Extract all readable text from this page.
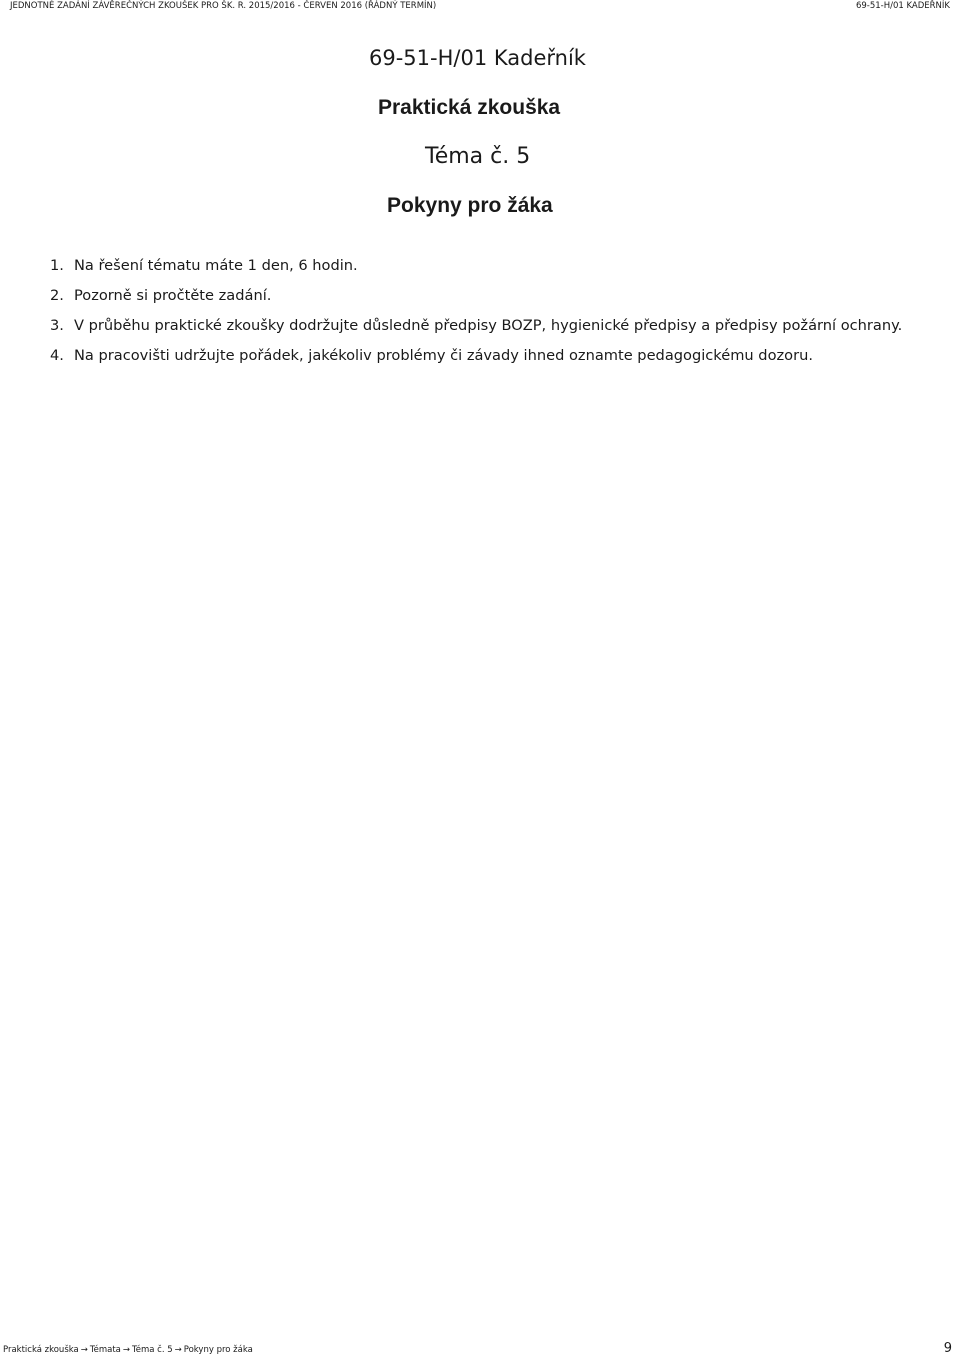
JEDNOTNÉ ZADÁNÍ ZÁVĚREČNÝCH ZKOUŠEK PRO ŠK. R. 2015/2016 - ČERVEN 2016 (ŘÁDNÝ TERMÍN)	69-51-H/01 KADEŘNÍK
69-51-H/01 Kadeřník
Praktická zkouška
Téma č. 5
Pokyny pro žáka
1. Na řešení tématu máte 1 den, 6 hodin.
2. Pozorně si pročtěte zadání.
3. V průběhu praktické zkoušky dodržujte důsledně předpisy BOZP, hygienické předpisy a předpisy požární ochrany.
4. Na pracovišti udržujte pořádek, jakékoliv problémy či závady ihned oznamte pedagogickému dozoru.
Praktická zkouška → Témata → Téma č. 5 → Pokyny pro žáka	9
